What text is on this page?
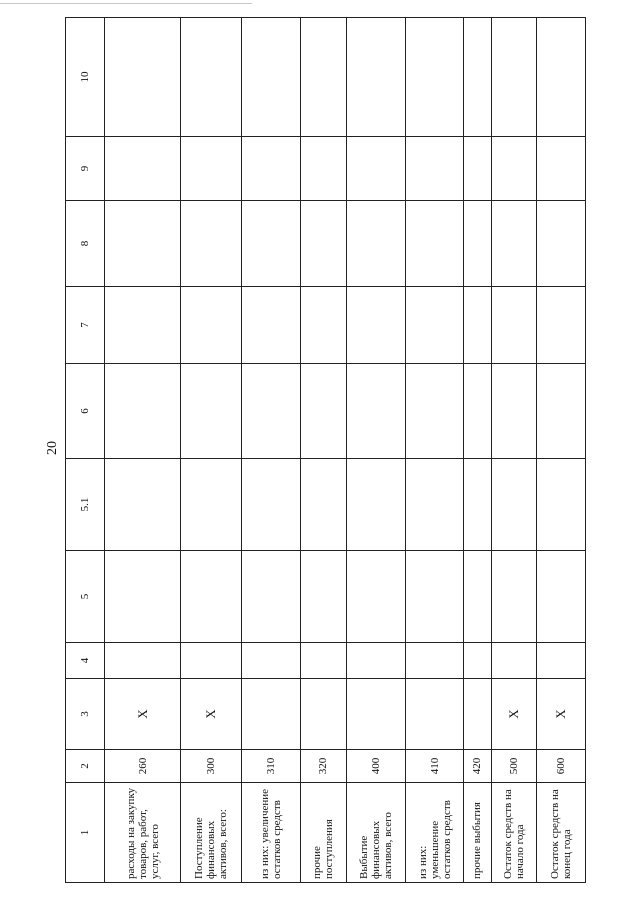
20
1	2	3	4	5	5.1	6	7	8	9	10
расходы на закупку товаров, работ, услуг, всего	260	X								
Поступление финансовых активов, всего:	300	X								
из них: увеличение остатков средств	310									
прочие поступления	320									
Выбытие финансовых активов, всего	400									
из них: уменьшение остатков средств	410									
прочие выбытия	420									
Остаток средств на начало года	500	X								
Остаток средств на конец года	600	X								
